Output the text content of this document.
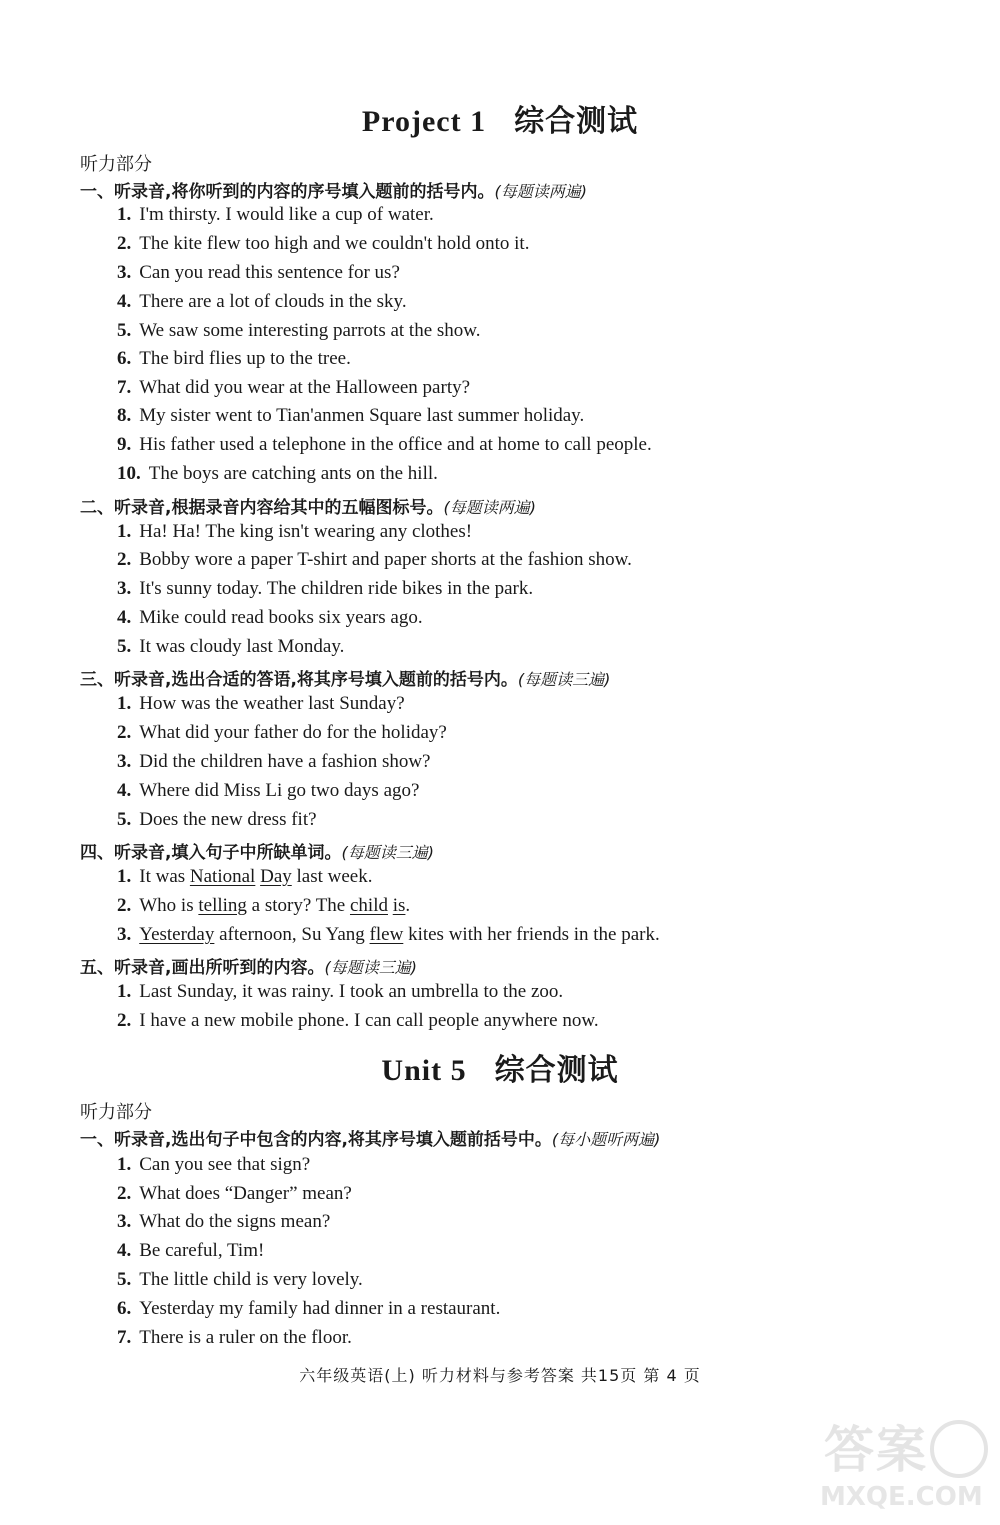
Project 1 综合测试
听力部分
一、听录音,将你听到的内容的序号填入题前的括号内。(每题读两遍)
1. I'm thirsty. I would like a cup of water.
2. The kite flew too high and we couldn't hold onto it.
3. Can you read this sentence for us?
4. There are a lot of clouds in the sky.
5. We saw some interesting parrots at the show.
6. The bird flies up to the tree.
7. What did you wear at the Halloween party?
8. My sister went to Tian'anmen Square last summer holiday.
9. His father used a telephone in the office and at home to call people.
10. The boys are catching ants on the hill.
二、听录音,根据录音内容给其中的五幅图标号。(每题读两遍)
1. Ha! Ha! The king isn't wearing any clothes!
2. Bobby wore a paper T-shirt and paper shorts at the fashion show.
3. It's sunny today. The children ride bikes in the park.
4. Mike could read books six years ago.
5. It was cloudy last Monday.
三、听录音,选出合适的答语,将其序号填入题前的括号内。(每题读三遍)
1. How was the weather last Sunday?
2. What did your father do for the holiday?
3. Did the children have a fashion show?
4. Where did Miss Li go two days ago?
5. Does the new dress fit?
四、听录音,填入句子中所缺单词。(每题读三遍)
1. It was National Day last week.
2. Who is telling a story? The child is.
3. Yesterday afternoon, Su Yang flew kites with her friends in the park.
五、听录音,画出所听到的内容。(每题读三遍)
1. Last Sunday, it was rainy. I took an umbrella to the zoo.
2. I have a new mobile phone. I can call people anywhere now.
Unit 5 综合测试
听力部分
一、听录音,选出句子中包含的内容,将其序号填入题前括号中。(每小题听两遍)
1. Can you see that sign?
2. What does “Danger” mean?
3. What do the signs mean?
4. Be careful, Tim!
5. The little child is very lovely.
6. Yesterday my family had dinner in a restaurant.
7. There is a ruler on the floor.
六年级英语(上) 听力材料与参考答案 共15页 第 4 页
答案
MXQE.COM
